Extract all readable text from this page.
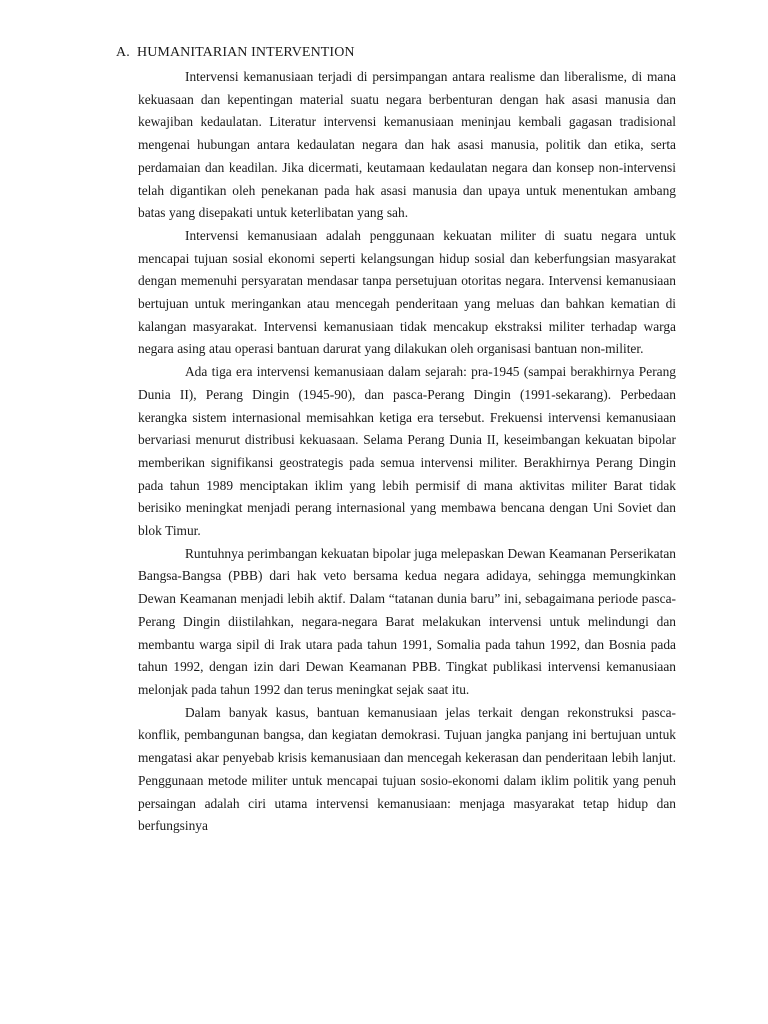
A. HUMANITARIAN INTERVENTION

Intervensi kemanusiaan terjadi di persimpangan antara realisme dan liberalisme, di mana kekuasaan dan kepentingan material suatu negara berbenturan dengan hak asasi manusia dan kewajiban kedaulatan. Literatur intervensi kemanusiaan meninjau kembali gagasan tradisional mengenai hubungan antara kedaulatan negara dan hak asasi manusia, politik dan etika, serta perdamaian dan keadilan. Jika dicermati, keutamaan kedaulatan negara dan konsep non-intervensi telah digantikan oleh penekanan pada hak asasi manusia dan upaya untuk menentukan ambang batas yang disepakati untuk keterlibatan yang sah.

Intervensi kemanusiaan adalah penggunaan kekuatan militer di suatu negara untuk mencapai tujuan sosial ekonomi seperti kelangsungan hidup sosial dan keberfungsian masyarakat dengan memenuhi persyaratan mendasar tanpa persetujuan otoritas negara. Intervensi kemanusiaan bertujuan untuk meringankan atau mencegah penderitaan yang meluas dan bahkan kematian di kalangan masyarakat. Intervensi kemanusiaan tidak mencakup ekstraksi militer terhadap warga negara asing atau operasi bantuan darurat yang dilakukan oleh organisasi bantuan non-militer.

Ada tiga era intervensi kemanusiaan dalam sejarah: pra-1945 (sampai berakhirnya Perang Dunia II), Perang Dingin (1945-90), dan pasca-Perang Dingin (1991-sekarang). Perbedaan kerangka sistem internasional memisahkan ketiga era tersebut. Frekuensi intervensi kemanusiaan bervariasi menurut distribusi kekuasaan. Selama Perang Dunia II, keseimbangan kekuatan bipolar memberikan signifikansi geostrategis pada semua intervensi militer. Berakhirnya Perang Dingin pada tahun 1989 menciptakan iklim yang lebih permisif di mana aktivitas militer Barat tidak berisiko meningkat menjadi perang internasional yang membawa bencana dengan Uni Soviet dan blok Timur.

Runtuhnya perimbangan kekuatan bipolar juga melepaskan Dewan Keamanan Perserikatan Bangsa-Bangsa (PBB) dari hak veto bersama kedua negara adidaya, sehingga memungkinkan Dewan Keamanan menjadi lebih aktif. Dalam “tatanan dunia baru” ini, sebagaimana periode pasca-Perang Dingin diistilahkan, negara-negara Barat melakukan intervensi untuk melindungi dan membantu warga sipil di Irak utara pada tahun 1991, Somalia pada tahun 1992, dan Bosnia pada tahun 1992, dengan izin dari Dewan Keamanan PBB. Tingkat publikasi intervensi kemanusiaan melonjak pada tahun 1992 dan terus meningkat sejak saat itu.

Dalam banyak kasus, bantuan kemanusiaan jelas terkait dengan rekonstruksi pasca-konflik, pembangunan bangsa, dan kegiatan demokrasi. Tujuan jangka panjang ini bertujuan untuk mengatasi akar penyebab krisis kemanusiaan dan mencegah kekerasan dan penderitaan lebih lanjut. Penggunaan metode militer untuk mencapai tujuan sosio-ekonomi dalam iklim politik yang penuh persaingan adalah ciri utama intervensi kemanusiaan: menjaga masyarakat tetap hidup dan berfungsinya
